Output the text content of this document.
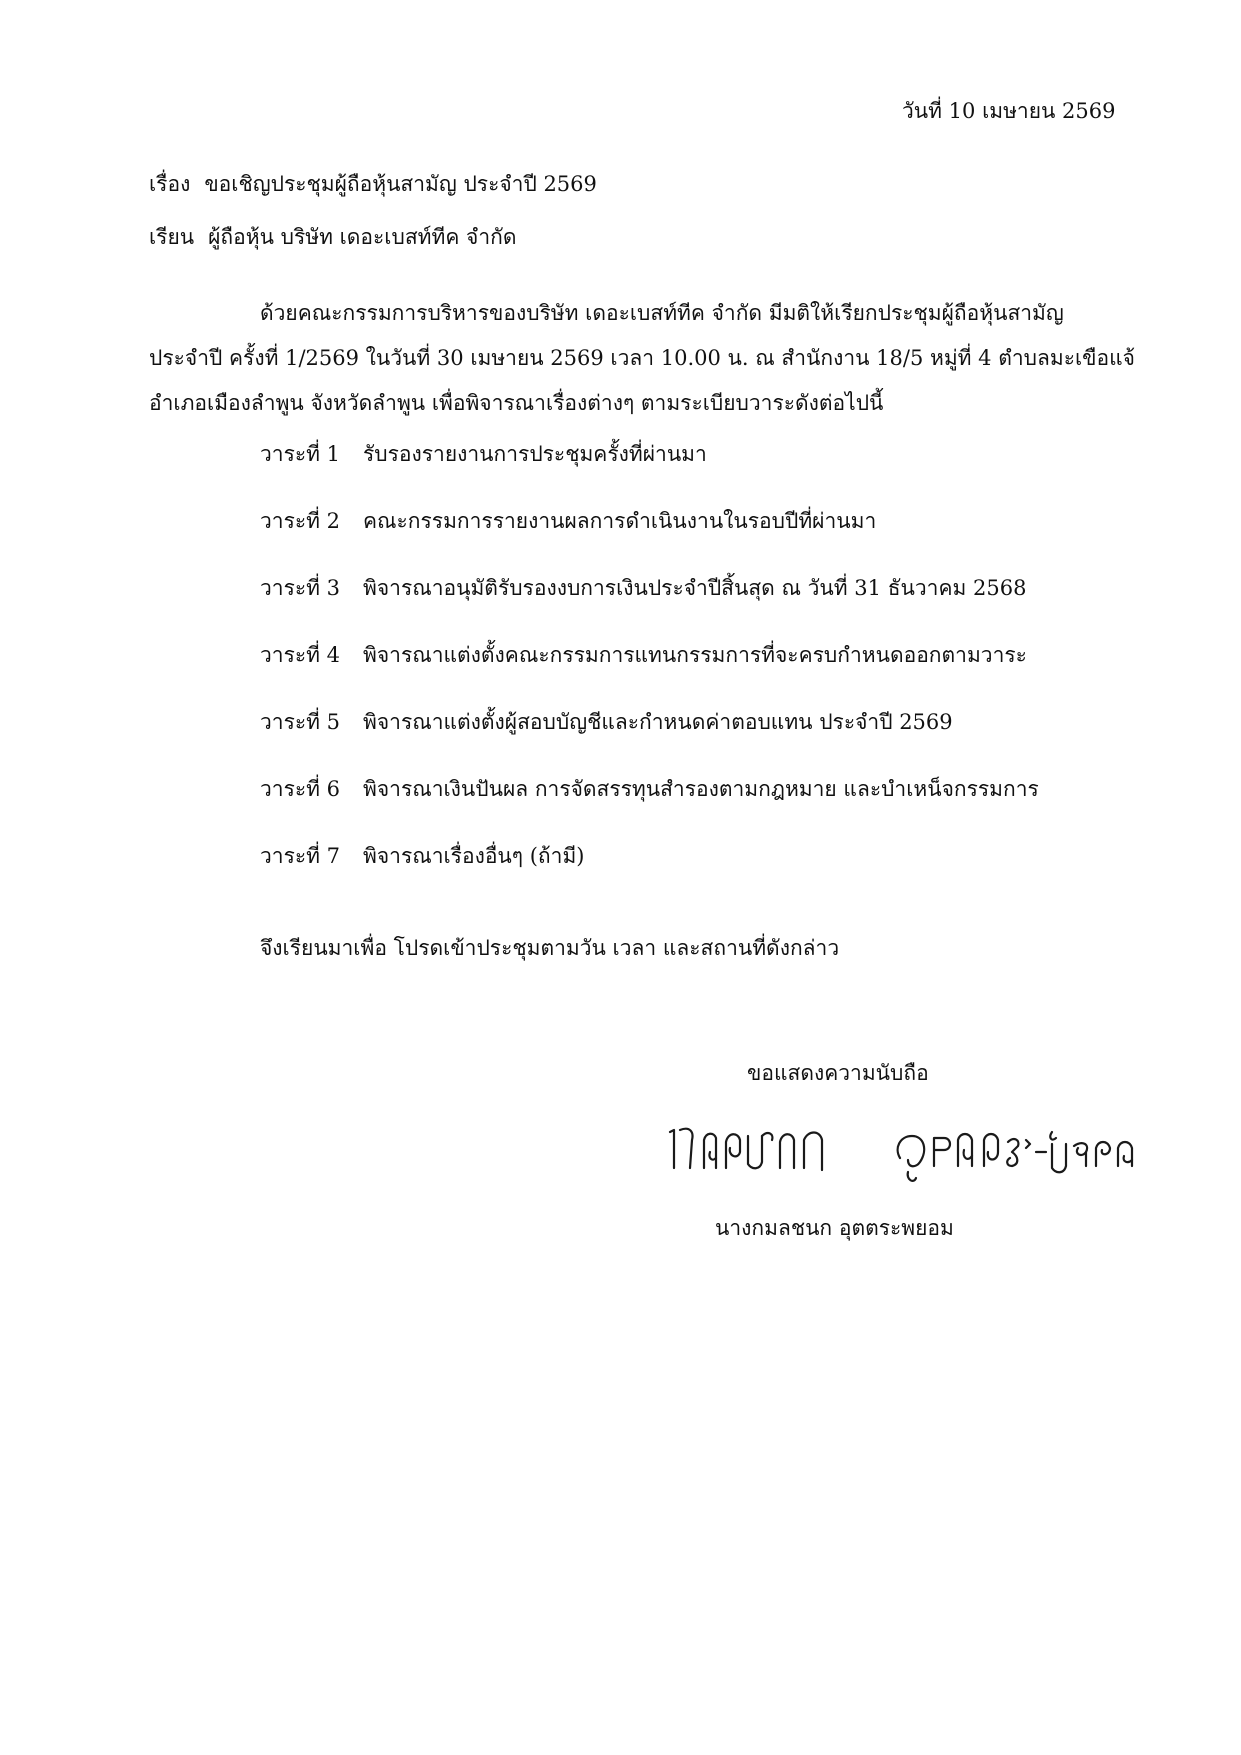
วันที่ 10 เมษายน 2569
เรื่อง ขอเชิญประชุมผู้ถือหุ้นสามัญ ประจำปี 2569
เรียน ผู้ถือหุ้น บริษัท เดอะเบสท์ทีค จำกัด
ด้วยคณะกรรมการบริหารของบริษัท เดอะเบสท์ทีค จำกัด มีมติให้เรียกประชุมผู้ถือหุ้นสามัญ
ประจำปี ครั้งที่ 1/2569 ในวันที่ 30 เมษายน 2569 เวลา 10.00 น. ณ สำนักงาน 18/5 หมู่ที่ 4 ตำบลมะเขือแจ้
อำเภอเมืองลำพูน จังหวัดลำพูน เพื่อพิจารณาเรื่องต่างๆ ตามระเบียบวาระดังต่อไปนี้
วาระที่ 1 รับรองรายงานการประชุมครั้งที่ผ่านมา
วาระที่ 2 คณะกรรมการรายงานผลการดำเนินงานในรอบปีที่ผ่านมา
วาระที่ 3 พิจารณาอนุมัติรับรองงบการเงินประจำปีสิ้นสุด ณ วันที่ 31 ธันวาคม 2568
วาระที่ 4 พิจารณาแต่งตั้งคณะกรรมการแทนกรรมการที่จะครบกำหนดออกตามวาระ
วาระที่ 5 พิจารณาแต่งตั้งผู้สอบบัญชีและกำหนดค่าตอบแทน ประจำปี 2569
วาระที่ 6 พิจารณาเงินปันผล การจัดสรรทุนสำรองตามกฎหมาย และบำเหน็จกรรมการ
วาระที่ 7 พิจารณาเรื่องอื่นๆ (ถ้ามี)
จึงเรียนมาเพื่อ โปรดเข้าประชุมตามวัน เวลา และสถานที่ดังกล่าว
ขอแสดงความนับถือ
กมลชนก อุตตระพยอม
นางกมลชนก อุตตระพยอม
